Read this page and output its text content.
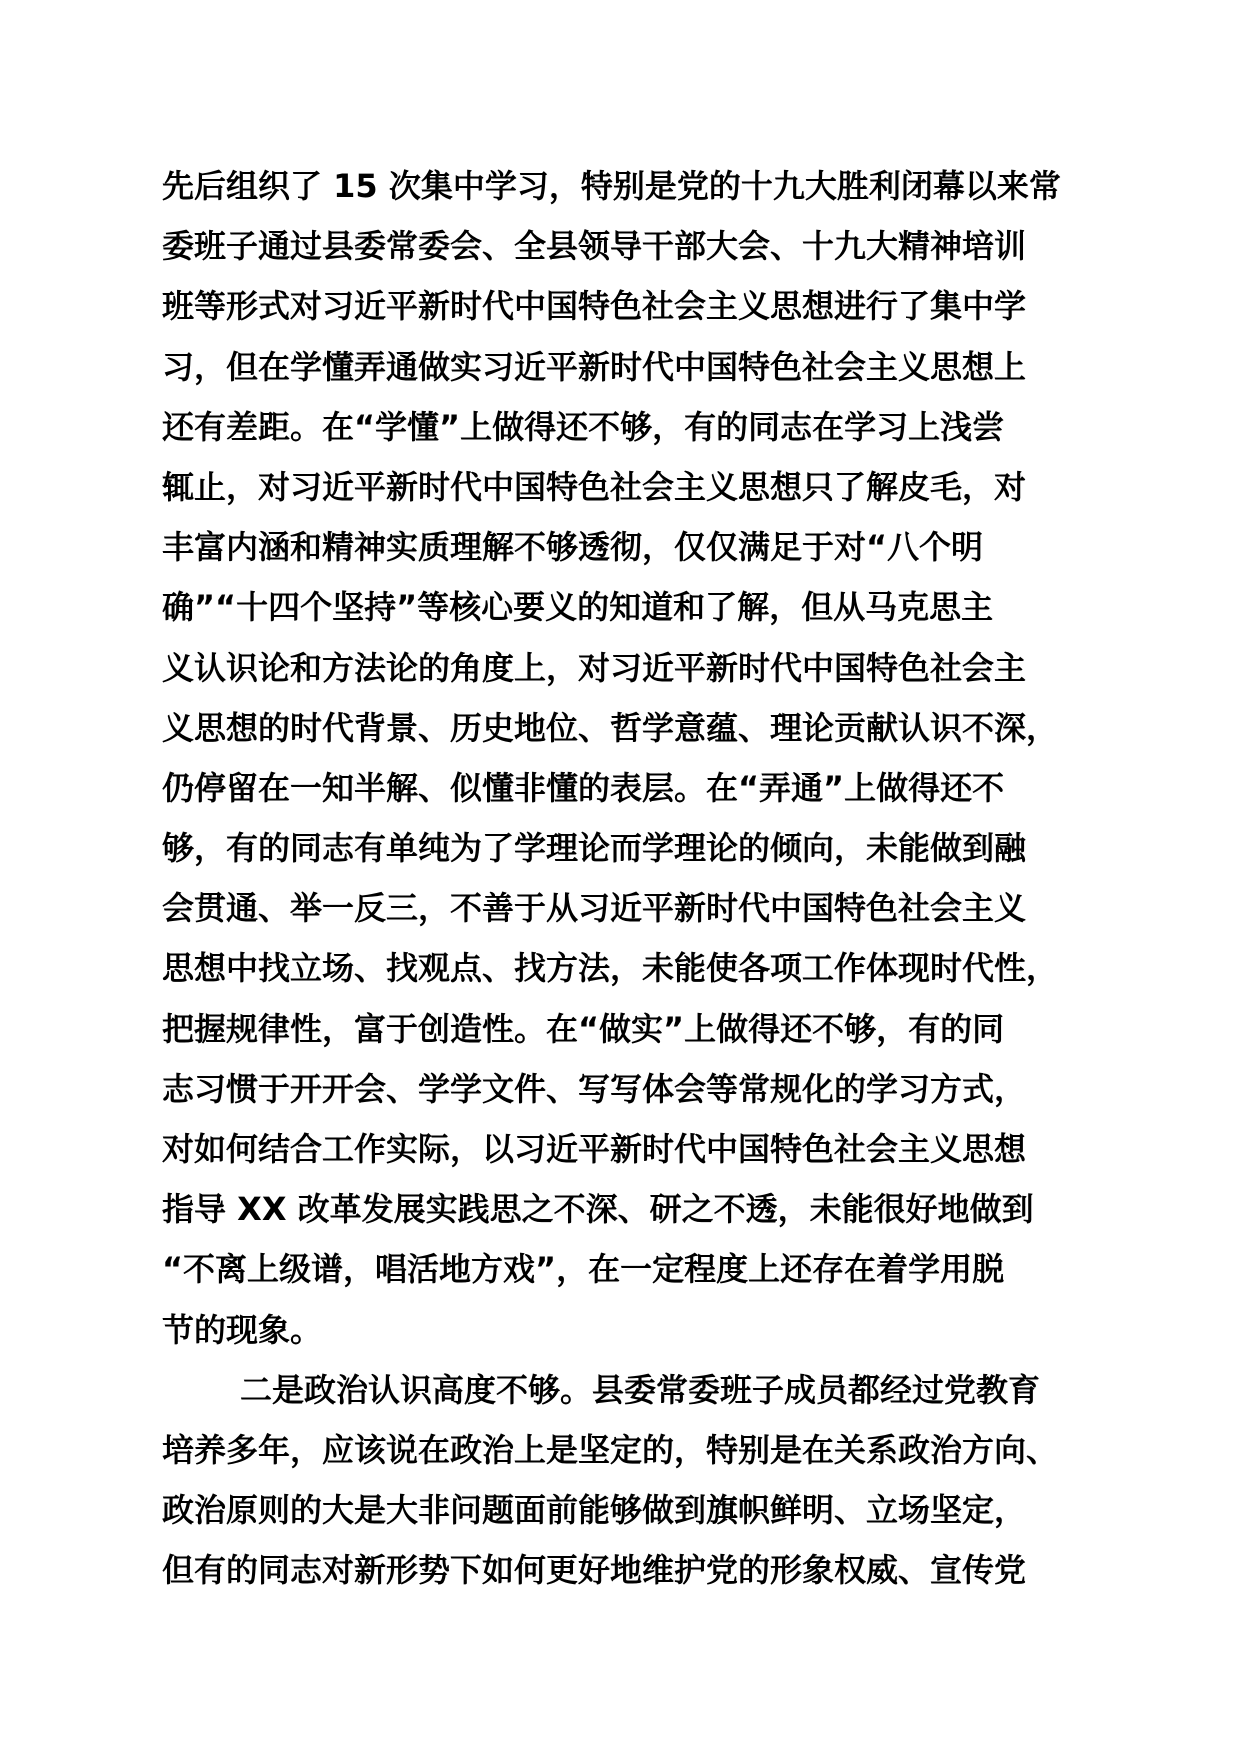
先后组织了 15 次集中学习，特别是党的十九大胜利闭幕以来常
委班子通过县委常委会、全县领导干部大会、十九大精神培训
班等形式对习近平新时代中国特色社会主义思想进行了集中学
习，但在学懂弄通做实习近平新时代中国特色社会主义思想上
还有差距。在“学懂”上做得还不够，有的同志在学习上浅尝
辄止，对习近平新时代中国特色社会主义思想只了解皮毛，对
丰富内涵和精神实质理解不够透彻，仅仅满足于对“八个明
确”“十四个坚持”等核心要义的知道和了解，但从马克思主
义认识论和方法论的角度上，对习近平新时代中国特色社会主
义思想的时代背景、历史地位、哲学意蕴、理论贡献认识不深，
仍停留在一知半解、似懂非懂的表层。在“弄通”上做得还不
够，有的同志有单纯为了学理论而学理论的倾向，未能做到融
会贯通、举一反三，不善于从习近平新时代中国特色社会主义
思想中找立场、找观点、找方法，未能使各项工作体现时代性，
把握规律性，富于创造性。在“做实”上做得还不够，有的同
志习惯于开开会、学学文件、写写体会等常规化的学习方式，
对如何结合工作实际，以习近平新时代中国特色社会主义思想
指导 XX 改革发展实践思之不深、研之不透，未能很好地做到
“不离上级谱，唱活地方戏”，在一定程度上还存在着学用脱
节的现象。
二是政治认识高度不够。县委常委班子成员都经过党教育
培养多年，应该说在政治上是坚定的，特别是在关系政治方向、
政治原则的大是大非问题面前能够做到旗帜鲜明、立场坚定，
但有的同志对新形势下如何更好地维护党的形象权威、宣传党
